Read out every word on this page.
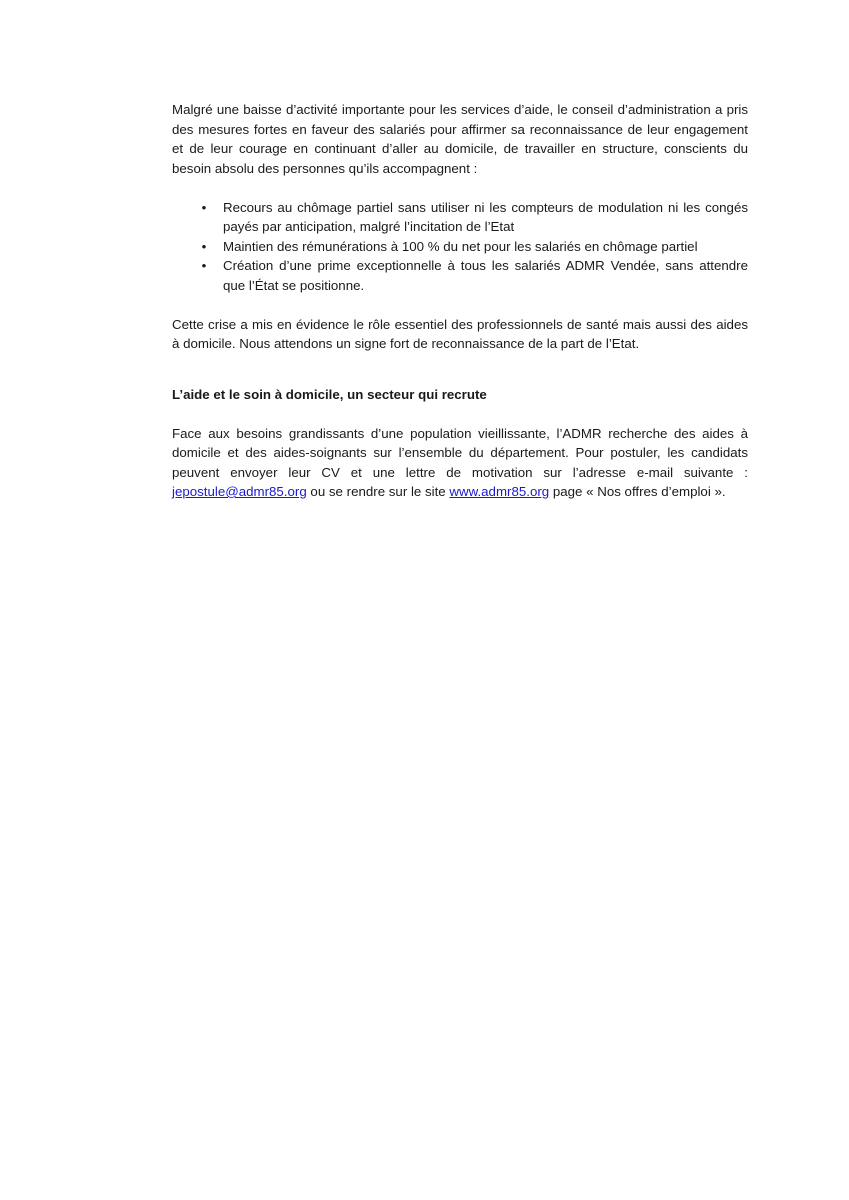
Malgré une baisse d’activité importante pour les services d’aide, le conseil d’administration a pris des mesures fortes en faveur des salariés pour affirmer sa reconnaissance de leur engagement et de leur courage en continuant d’aller au domicile, de travailler en structure, conscients du besoin absolu des personnes qu’ils accompagnent :

• Recours au chômage partiel sans utiliser ni les compteurs de modulation ni les congés payés par anticipation, malgré l’incitation de l’Etat
• Maintien des rémunérations à 100 % du net pour les salariés en chômage partiel
• Création d’une prime exceptionnelle à tous les salariés ADMR Vendée, sans attendre que l’État se positionne.

Cette crise a mis en évidence le rôle essentiel des professionnels de santé mais aussi des aides à domicile. Nous attendons un signe fort de reconnaissance de la part de l’Etat.

L’aide et le soin à domicile, un secteur qui recrute

Face aux besoins grandissants d’une population vieillissante, l’ADMR recherche des aides à domicile et des aides-soignants sur l’ensemble du département. Pour postuler, les candidats peuvent envoyer leur CV et une lettre de motivation sur l’adresse e-mail suivante : jepostule@admr85.org ou se rendre sur le site www.admr85.org page « Nos offres d’emploi ».
